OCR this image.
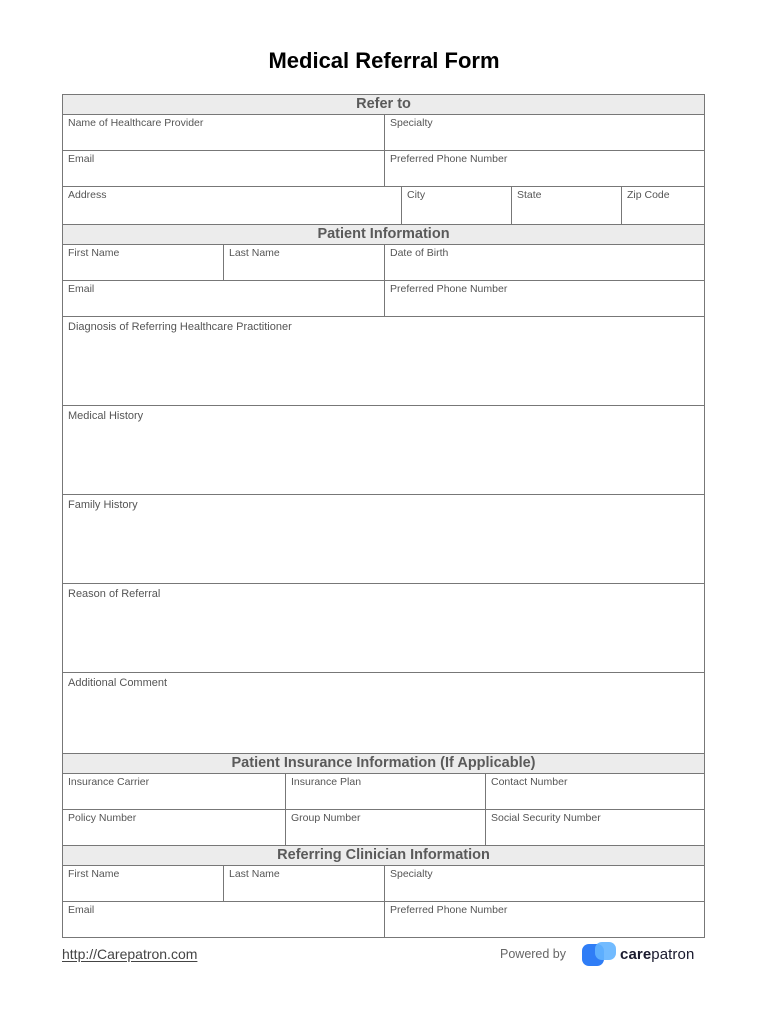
Medical Referral Form
Refer to
Name of Healthcare Provider	Specialty
Email	Preferred Phone Number
Address	City	State	Zip Code
Patient Information
First Name	Last Name	Date of Birth
Email	Preferred Phone Number
Diagnosis of Referring Healthcare Practitioner
Medical History
Family History
Reason of Referral
Additional Comment
Patient Insurance Information (If Applicable)
Insurance Carrier	Insurance Plan	Contact Number
Policy Number	Group Number	Social Security Number
Referring Clinician Information
First Name	Last Name	Specialty
Email	Preferred Phone Number
http://Carepatron.com	Powered by	carepatron
